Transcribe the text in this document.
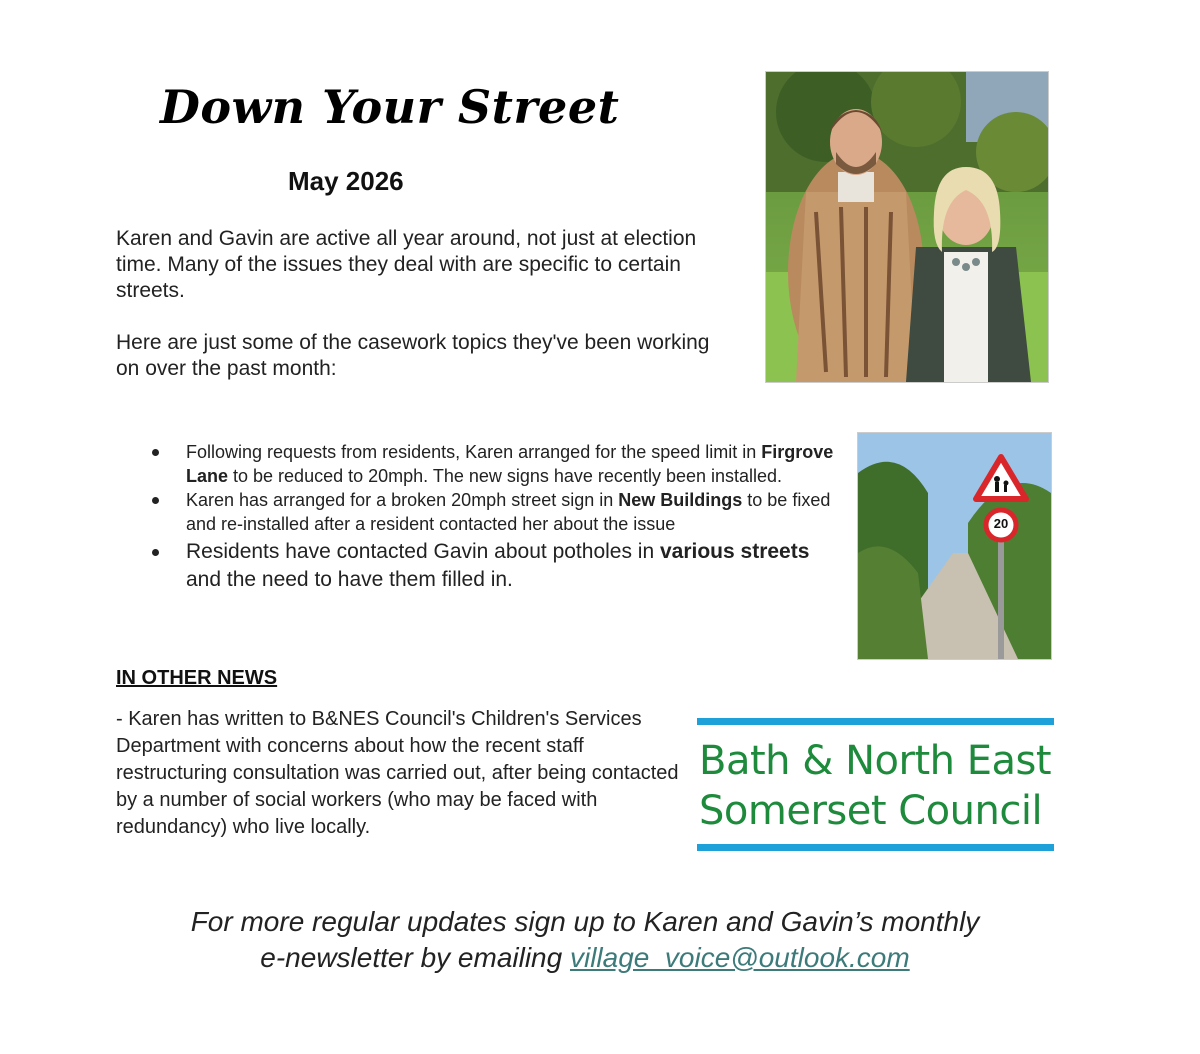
Down Your Street
May 2026
Karen and Gavin are active all year around, not just at election time. Many of the issues they deal with are specific to certain streets.
Here are just some of the casework topics they've been working on over the past month:
Following requests from residents, Karen arranged for the speed limit in Firgrove Lane to be reduced to 20mph. The new signs have recently been installed.
Karen has arranged for a broken 20mph street sign in New Buildings to be fixed and re-installed after a resident contacted her about the issue
Residents have contacted Gavin about potholes in various streets and the need to have them filled in.
20
IN OTHER NEWS
- Karen has written to B&NES Council's Children's Services Department with concerns about how the recent staff restructuring consultation was carried out, after being contacted by a number of social workers (who may be faced with redundancy) who live locally.
Bath & North East
Somerset Council
For more regular updates sign up to Karen and Gavin’s monthly
e-newsletter by emailing village_voice@outlook.com
